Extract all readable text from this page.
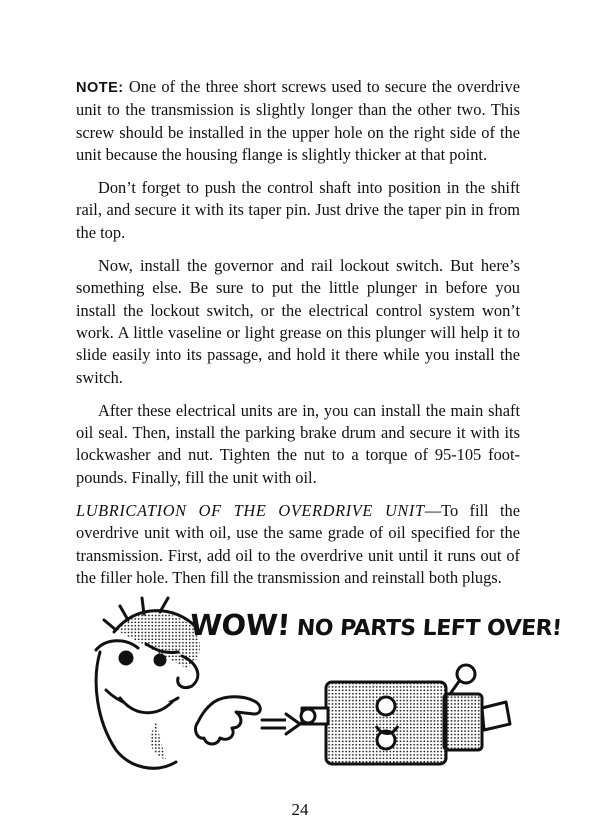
NOTE: One of the three short screws used to secure the overdrive unit to the transmission is slightly longer than the other two. This screw should be installed in the upper hole on the right side of the unit because the housing flange is slightly thicker at that point.

Don’t forget to push the control shaft into position in the shift rail, and secure it with its taper pin. Just drive the taper pin in from the top.

Now, install the governor and rail lockout switch. But here’s something else. Be sure to put the little plunger in before you install the lockout switch, or the electrical control system won’t work. A little vaseline or light grease on this plunger will help it to slide easily into its passage, and hold it there while you install the switch.

After these electrical units are in, you can install the main shaft oil seal. Then, install the parking brake drum and secure it with its lockwasher and nut. Tighten the nut to a torque of 95-105 foot-pounds. Finally, fill the unit with oil.

LUBRICATION OF THE OVERDRIVE UNIT—To fill the overdrive unit with oil, use the same grade of oil specified for the transmission. First, add oil to the overdrive unit until it runs out of the filler hole. Then fill the transmission and reinstall both plugs.

WOW! NO PARTS LEFT OVER!
24
